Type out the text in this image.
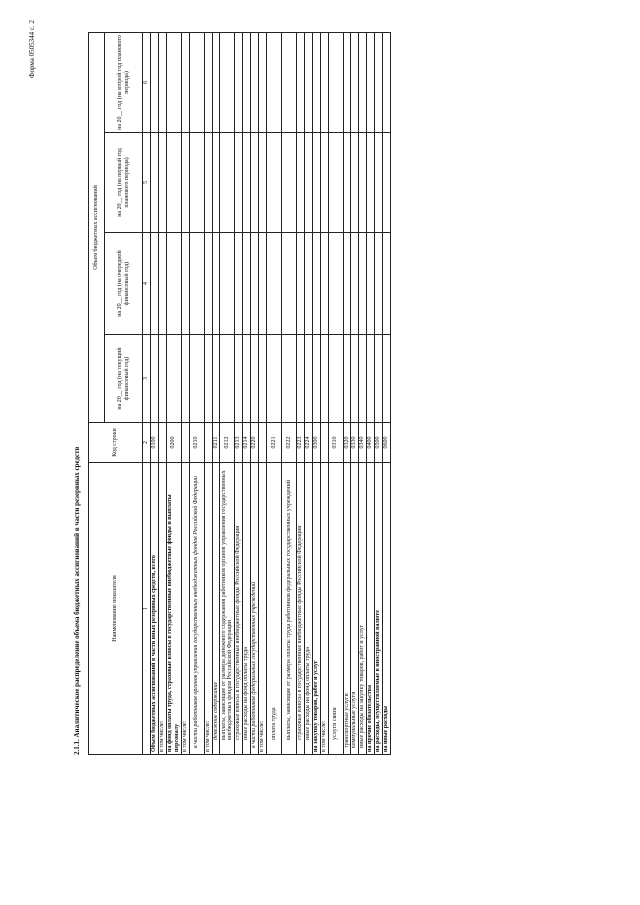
Форма 0505344 с. 2
2.1.1. Аналитическое распределение объема бюджетных ассигнований в части резервных средств	Наименование показателя	Код строки	Объем бюджетных ассигнований			
		на 20__ год (на текущий финансовый год)	на 20__ год (на очередной финансовый год)	на 20__ год (на первый год планового периода)	на 20__ год (на второй год планового периода)
1	2	3	4	5	6
Объем бюджетных ассигнований в части иных резервных средств, всего	0100				
в том числе:					
на фонд оплаты труда, страховые взносы в государственные внебюджетные фонды и выплаты персоналу	0200				
в том числе:					
в части работников органов управления государственных внебюджетных фондов Российской Федерации	0210				
в том числе:					
денежное содержание	0211				
выплаты, зависящие от размера денежного содержания работников органов управления государственных внебюджетных фондов Российской Федерации	0212				
страховые взносы в государственные внебюджетные фонды Российской Федерации	0213				
иные расходы на фонд оплаты труда	0214				
в части работников федеральных государственных учреждений	0220				
в том числе:					
оплата труда	0221				
выплаты, зависящие от размера оплаты труда работников федеральных государственных учреждений	0222				
страховые взносы в государственные внебюджетные фонды Российской Федерации	0223				
иные расходы на фонд оплаты труда	0224				
на закупку товаров, работ и услуг	0300				
в том числе:					
услуги связи	0310				
транспортные услуги	0320				
коммунальные услуги	0330				
иные расходы на закупку товаров, работ и услуг	0340				
на прочие обязательства	0400				
на расходы, осуществляемые в иностранной валюте	0500				
на иные расходы	0600				
